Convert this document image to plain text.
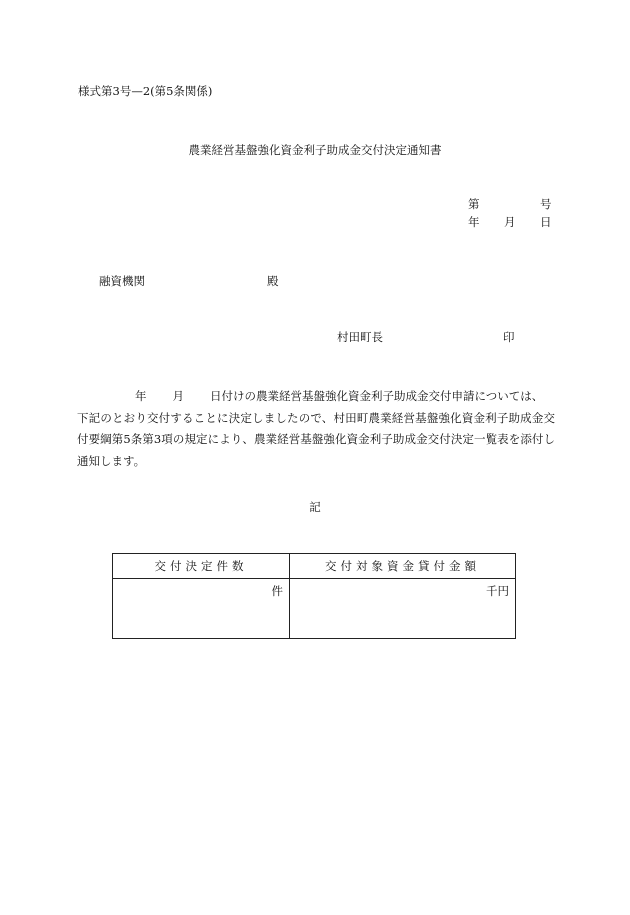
様式第3号—2(第5条関係)
農業経営基盤強化資金利子助成金交付決定通知書
第	号
年 月 日
融資機関	殿
村田町長	印
年 月 日付けの農業経営基盤強化資金利子助成金交付申請については、
下記のとおり交付することに決定しましたので、村田町農業経営基盤強化資金利子助成金交付要綱第5条第3項の規定により、農業経営基盤強化資金利子助成金交付決定一覧表を添付し通知します。
記
交付決定件数	交付対象資金貸付金額

件	千円
